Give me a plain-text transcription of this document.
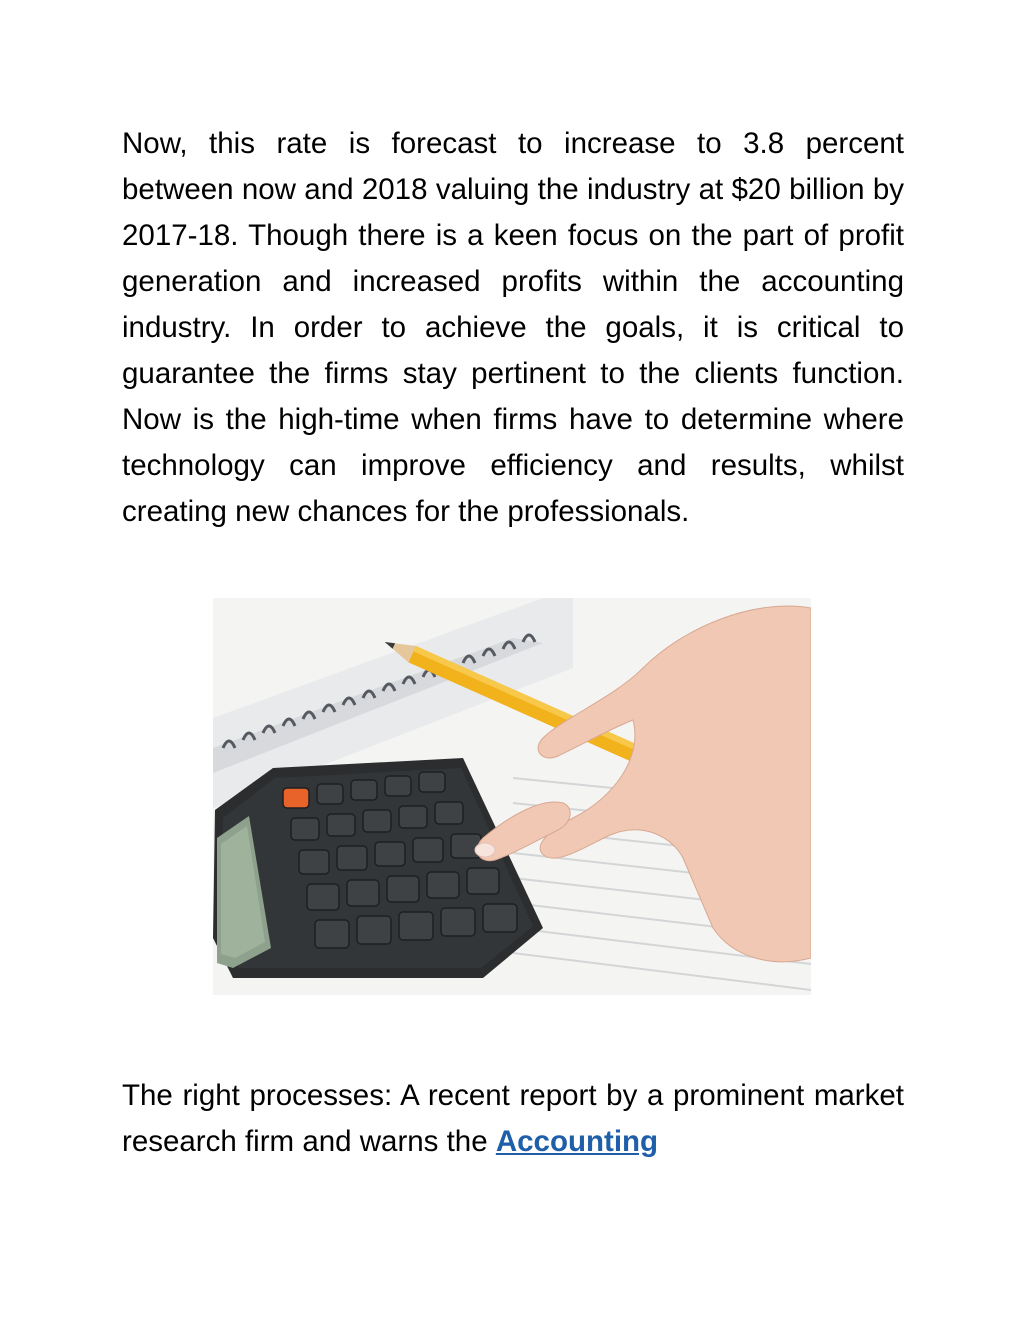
Now, this rate is forecast to increase to 3.8 percent between now and 2018 valuing the industry at $20 billion by 2017-18. Though there is a keen focus on the part of profit generation and increased profits within the accounting industry. In order to achieve the goals, it is critical to guarantee the firms stay pertinent to the clients function. Now is the high-time when firms have to determine where technology can improve efficiency and results, whilst creating new chances for the professionals.

The right processes: A recent report by a prominent market research firm and warns the Accounting
